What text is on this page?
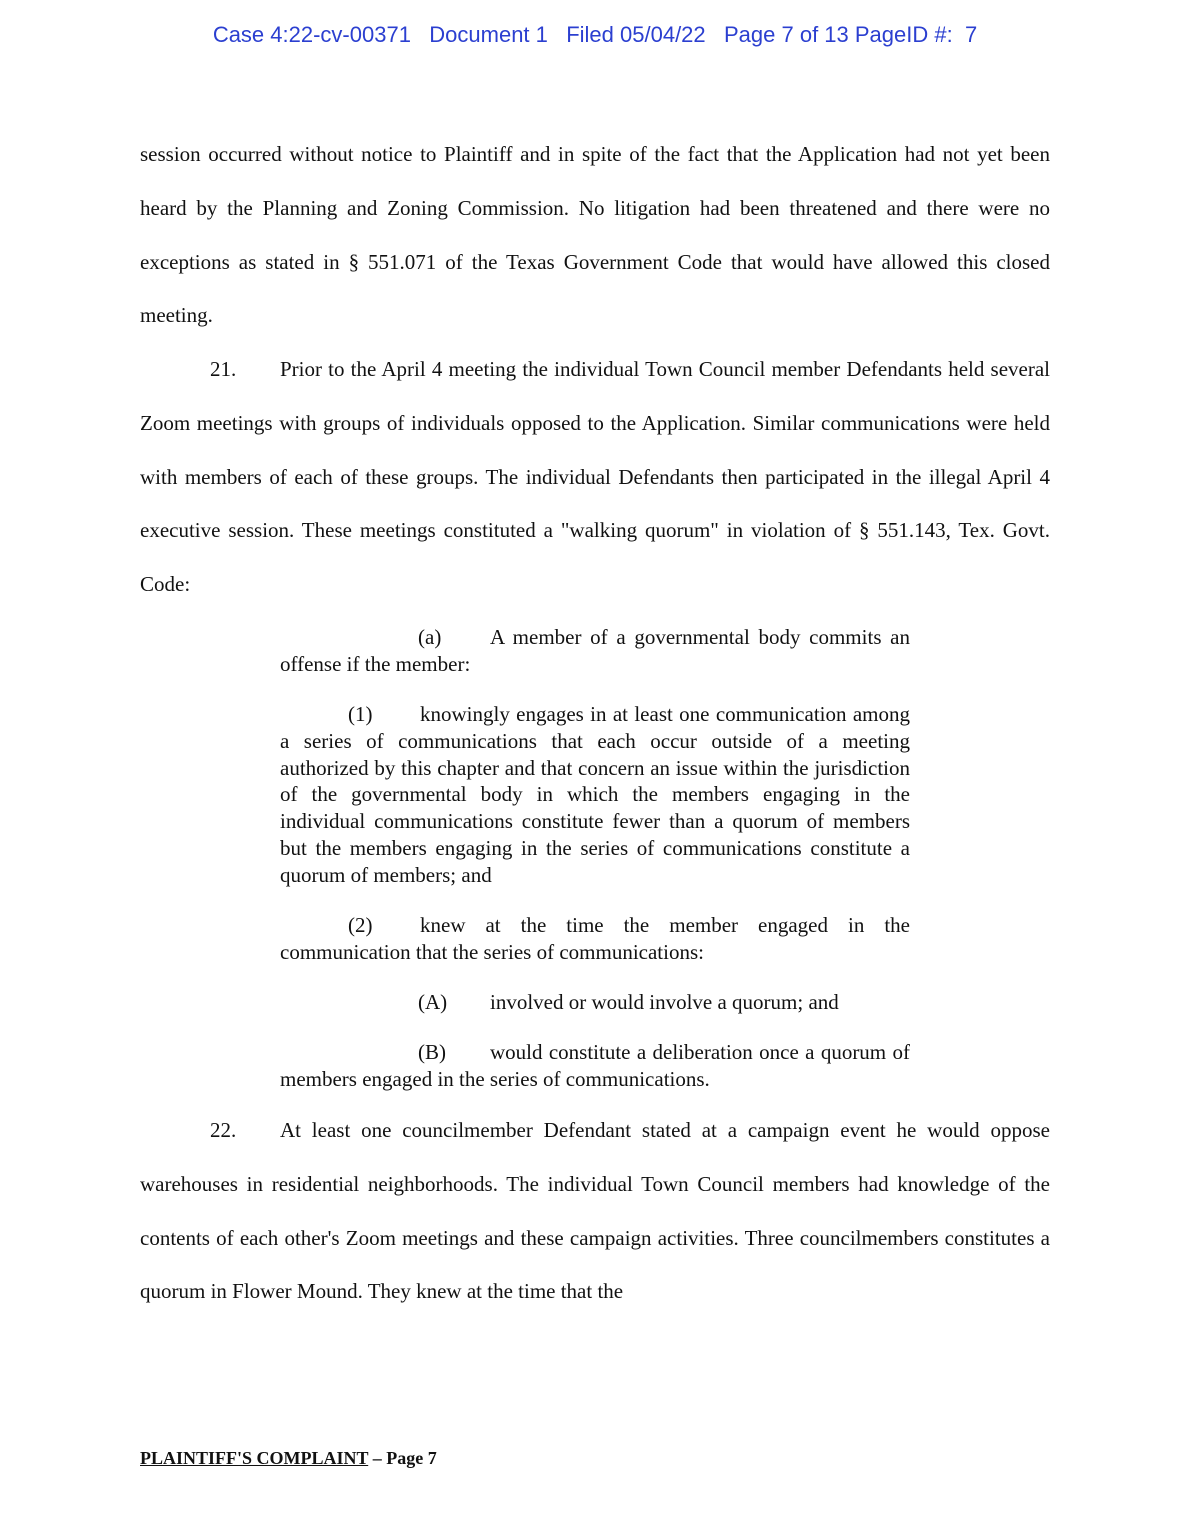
Case 4:22-cv-00371   Document 1   Filed 05/04/22   Page 7 of 13 PageID #:  7
session occurred without notice to Plaintiff and in spite of the fact that the Application had not yet been heard by the Planning and Zoning Commission. No litigation had been threatened and there were no exceptions as stated in § 551.071 of the Texas Government Code that would have allowed this closed meeting.
21. Prior to the April 4 meeting the individual Town Council member Defendants held several Zoom meetings with groups of individuals opposed to the Application. Similar communications were held with members of each of these groups. The individual Defendants then participated in the illegal April 4 executive session. These meetings constituted a "walking quorum" in violation of § 551.143, Tex. Govt. Code:
(a) A member of a governmental body commits an offense if the member:
(1) knowingly engages in at least one communication among a series of communications that each occur outside of a meeting authorized by this chapter and that concern an issue within the jurisdiction of the governmental body in which the members engaging in the individual communications constitute fewer than a quorum of members but the members engaging in the series of communications constitute a quorum of members; and
(2) knew at the time the member engaged in the communication that the series of communications:
(A) involved or would involve a quorum; and
(B) would constitute a deliberation once a quorum of members engaged in the series of communications.
22. At least one councilmember Defendant stated at a campaign event he would oppose warehouses in residential neighborhoods. The individual Town Council members had knowledge of the contents of each other's Zoom meetings and these campaign activities. Three councilmembers constitutes a quorum in Flower Mound. They knew at the time that the
PLAINTIFF'S COMPLAINT – Page 7
